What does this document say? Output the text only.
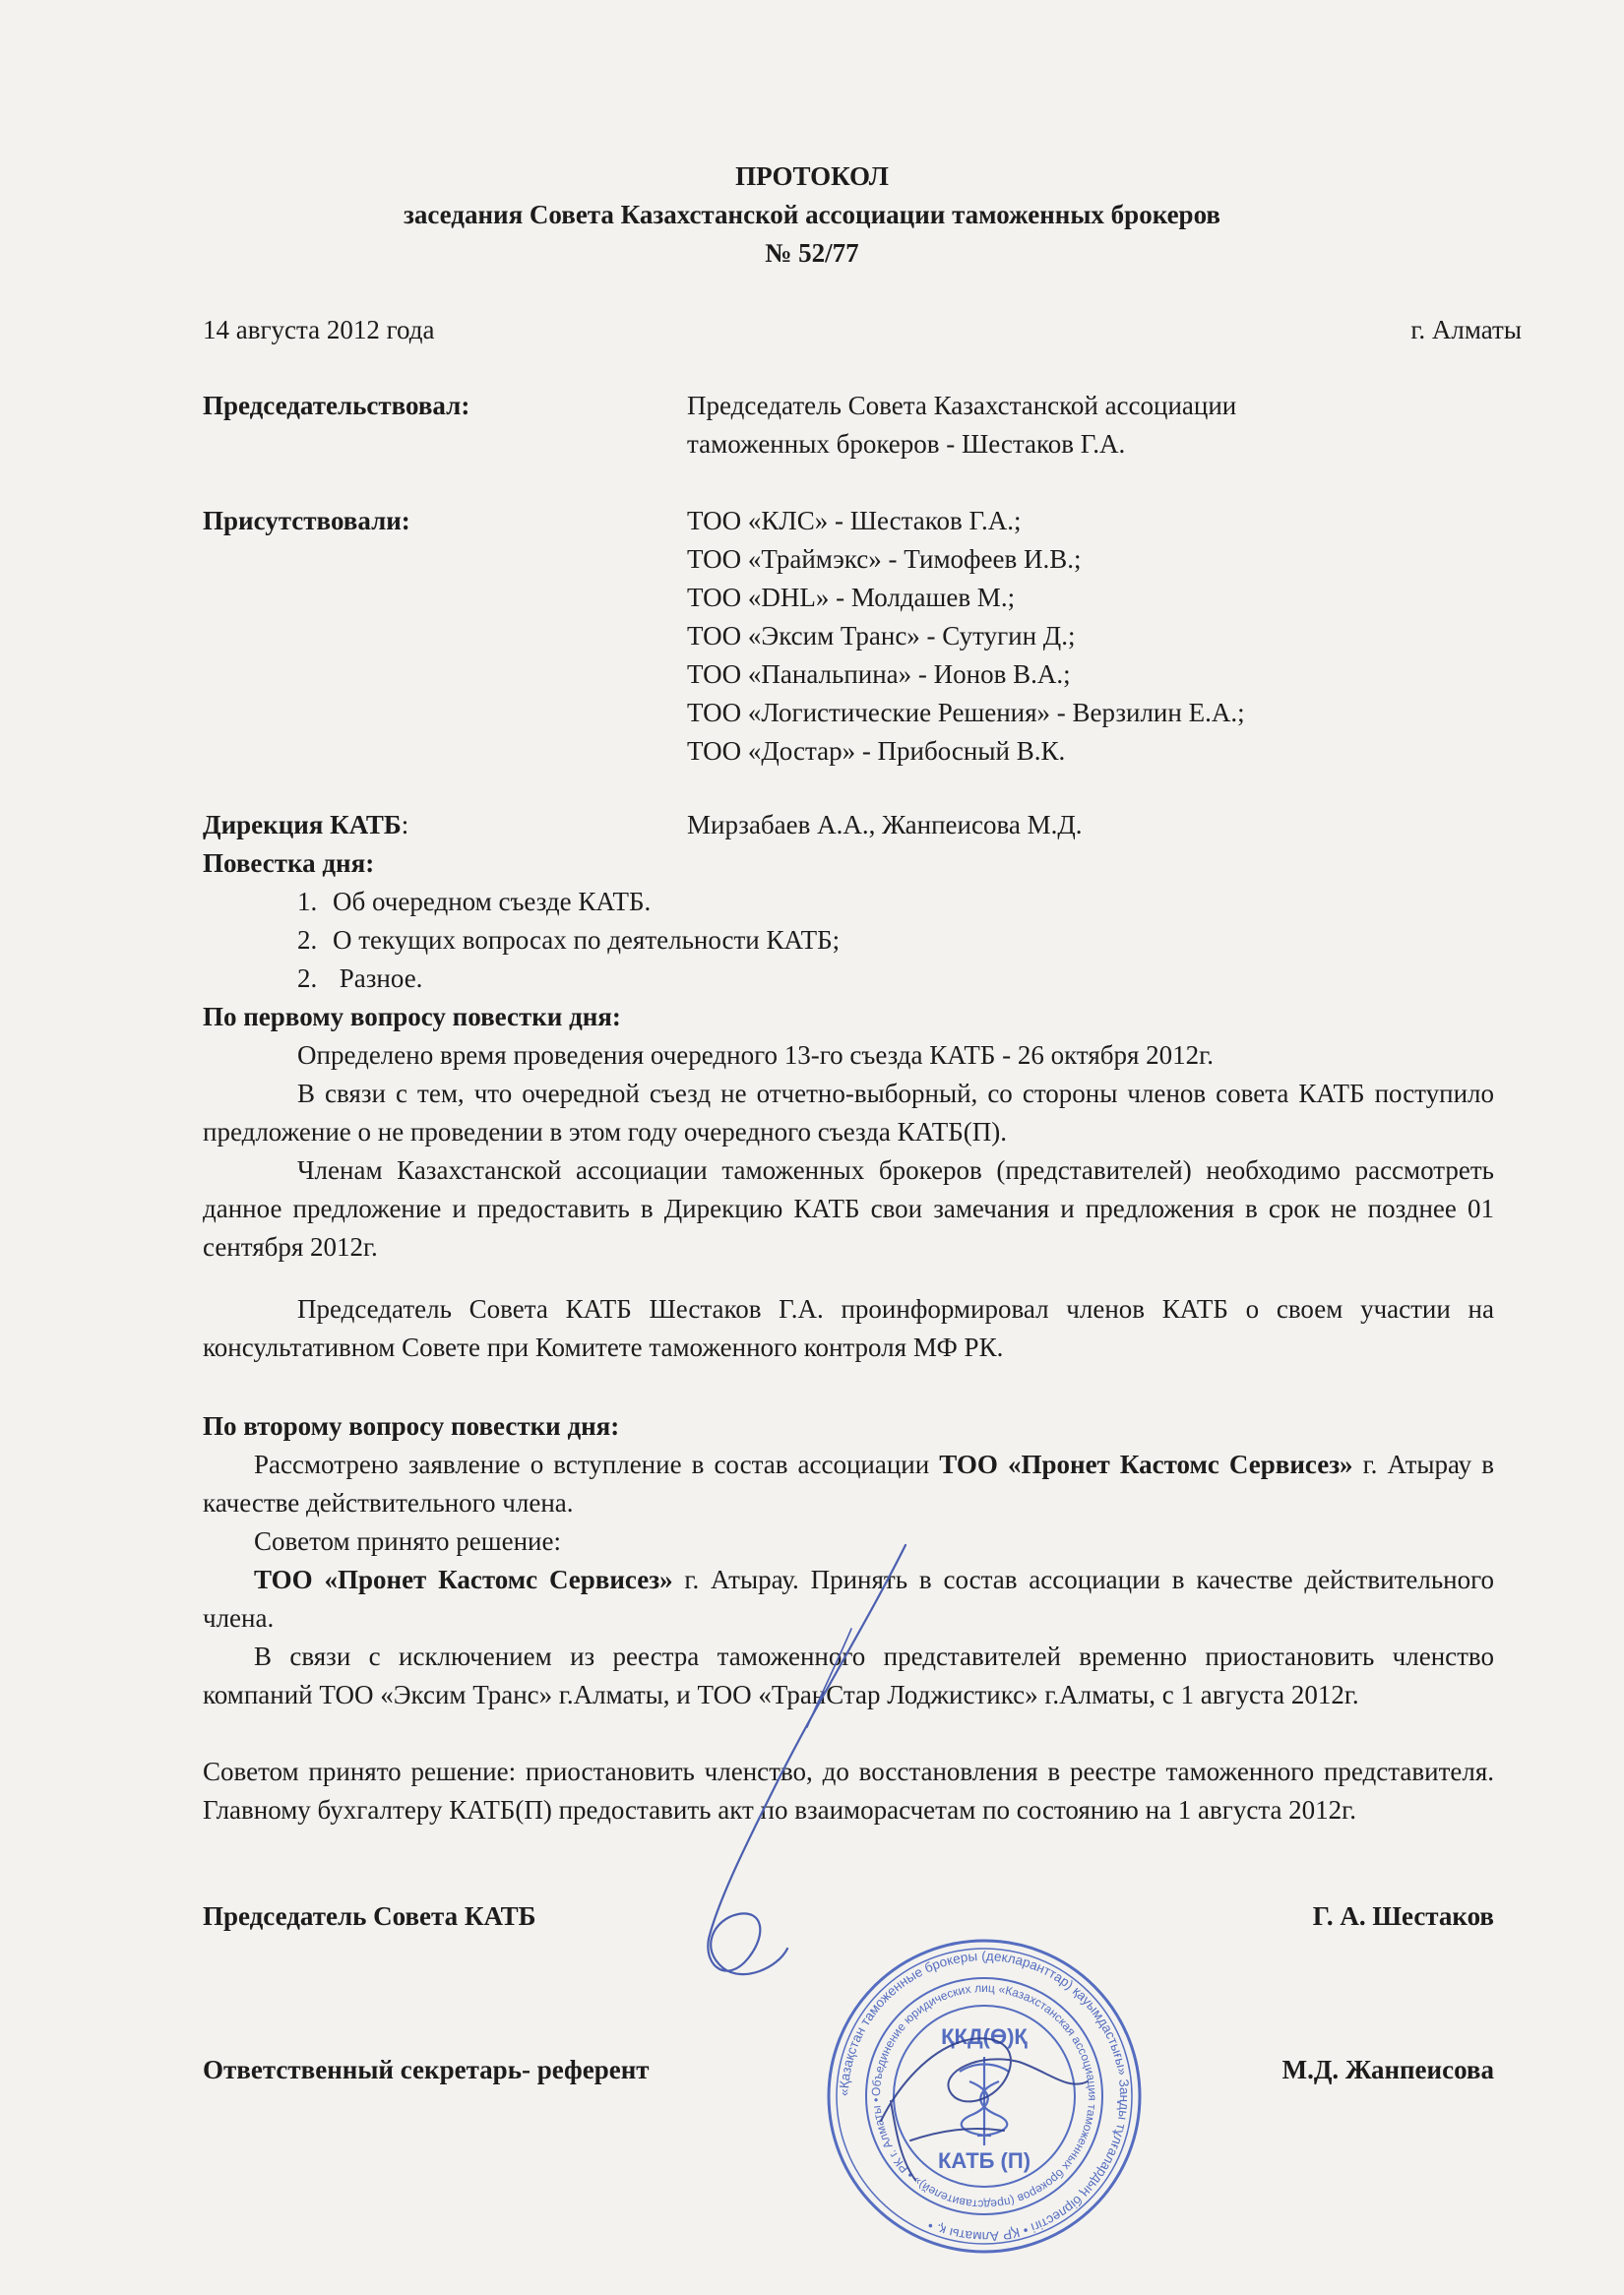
ПРОТОКОЛ
заседания Совета Казахстанской ассоциации таможенных брокеров
№ 52/77
14 августа 2012 года	г. Алматы
Председательствовал:	Председатель Совета Казахстанской ассоциации
таможенных брокеров - Шестаков Г.А.
Присутствовали:	ТОО «КЛС» - Шестаков Г.А.;
ТОО «Траймэкс» - Тимофеев И.В.;
ТОО «DHL» - Молдашев М.;
ТОО «Эксим Транс» - Сутугин Д.;
ТОО «Панальпина» - Ионов В.А.;
ТОО «Логистические Решения» - Верзилин Е.А.;
ТОО «Достар» - Прибосный В.К.
Дирекция КАТБ:	Мирзабаев А.А., Жанпеисова М.Д.
Повестка дня:
1. Об очередном съезде КАТБ.
2. О текущих вопросах по деятельности КАТБ;
2. Разное.
По первому вопросу повестки дня:
Определено время проведения очередного 13-го съезда КАТБ - 26 октября 2012г.
В связи с тем, что очередной съезд не отчетно-выборный, со стороны членов совета КАТБ поступило предложение о не проведении в этом году очередного съезда КАТБ(П).
Членам Казахстанской ассоциации таможенных брокеров (представителей) необходимо рассмотреть данное предложение и предоставить в Дирекцию КАТБ свои замечания и предложения в срок не позднее 01 сентября 2012г.
Председатель Совета КАТБ Шестаков Г.А. проинформировал членов КАТБ о своем участии на консультативном Совете при Комитете таможенного контроля МФ РК.
По второму вопросу повестки дня:
Рассмотрено заявление о вступление в состав ассоциации ТОО «Пронет Кастомс Сервисез» г. Атырау в качестве действительного члена.
Советом принято решение:
ТОО «Пронет Кастомс Сервисез» г. Атырау. Принять в состав ассоциации в качестве действительного члена.
В связи с исключением из реестра таможенного представителей временно приостановить членство компаний ТОО «Эксим Транс» г.Алматы, и ТОО «ТранСтар Лоджистикс» г.Алматы, с 1 августа 2012г.
Советом принято решение: приостановить членство, до восстановления в реестре таможенного представителя. Главному бухгалтеру КАТБ(П) предоставить акт по взаиморасчетам по состоянию на 1 августа 2012г.
Председатель Совета КАТБ	Г. А. Шестаков
Ответственный секретарь- референт	М.Д. Жанпеисова
«Қазақстан таможенные брокеры (декларанттар) қауымдастығы» Заңды тұлғалардың бірлестігі • ҚР Алматы қ. •
Объединение юридических лиц «Казахстанская ассоциация таможенных брокеров (представителей)» • РК г. Алматы •
ҚКД(Ө)Қ
КАТБ (П)
